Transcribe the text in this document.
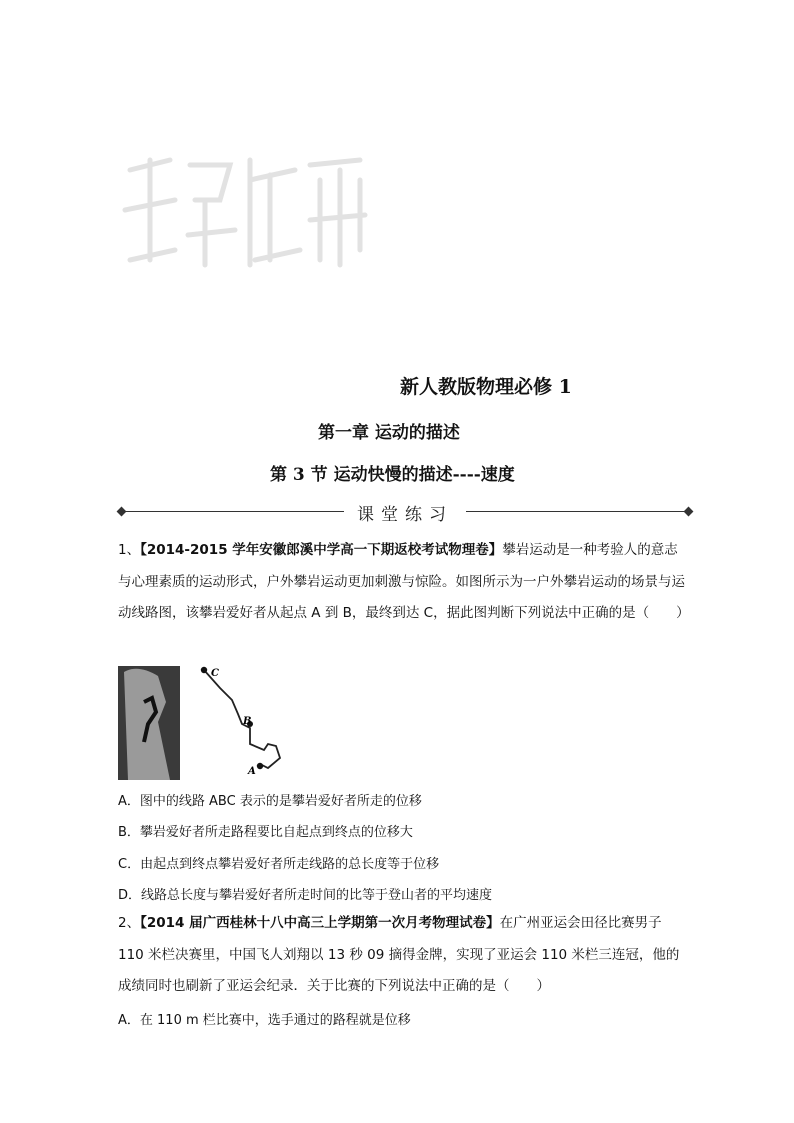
新人教版物理必修 1
第一章 运动的描述
第 3 节 运动快慢的描述----速度
课堂练习
1、【2014-2015 学年安徽郎溪中学高一下期返校考试物理卷】攀岩运动是一种考验人的意志与心理素质的运动形式，户外攀岩运动更加刺激与惊险。如图所示为一户外攀岩运动的场景与运动线路图，该攀岩爱好者从起点 A 到 B，最终到达 C，据此图判断下列说法中正确的是（　　）
C
B
A
A．图中的线路 ABC 表示的是攀岩爱好者所走的位移
B．攀岩爱好者所走路程要比自起点到终点的位移大
C．由起点到终点攀岩爱好者所走线路的总长度等于位移
D．线路总长度与攀岩爱好者所走时间的比等于登山者的平均速度
2、【2014 届广西桂林十八中高三上学期第一次月考物理试卷】在广州亚运会田径比赛男子 110 米栏决赛里，中国飞人刘翔以 13 秒 09 摘得金牌，实现了亚运会 110 米栏三连冠，他的成绩同时也刷新了亚运会纪录．关于比赛的下列说法中正确的是（　　）
A．在 110 m 栏比赛中，选手通过的路程就是位移
